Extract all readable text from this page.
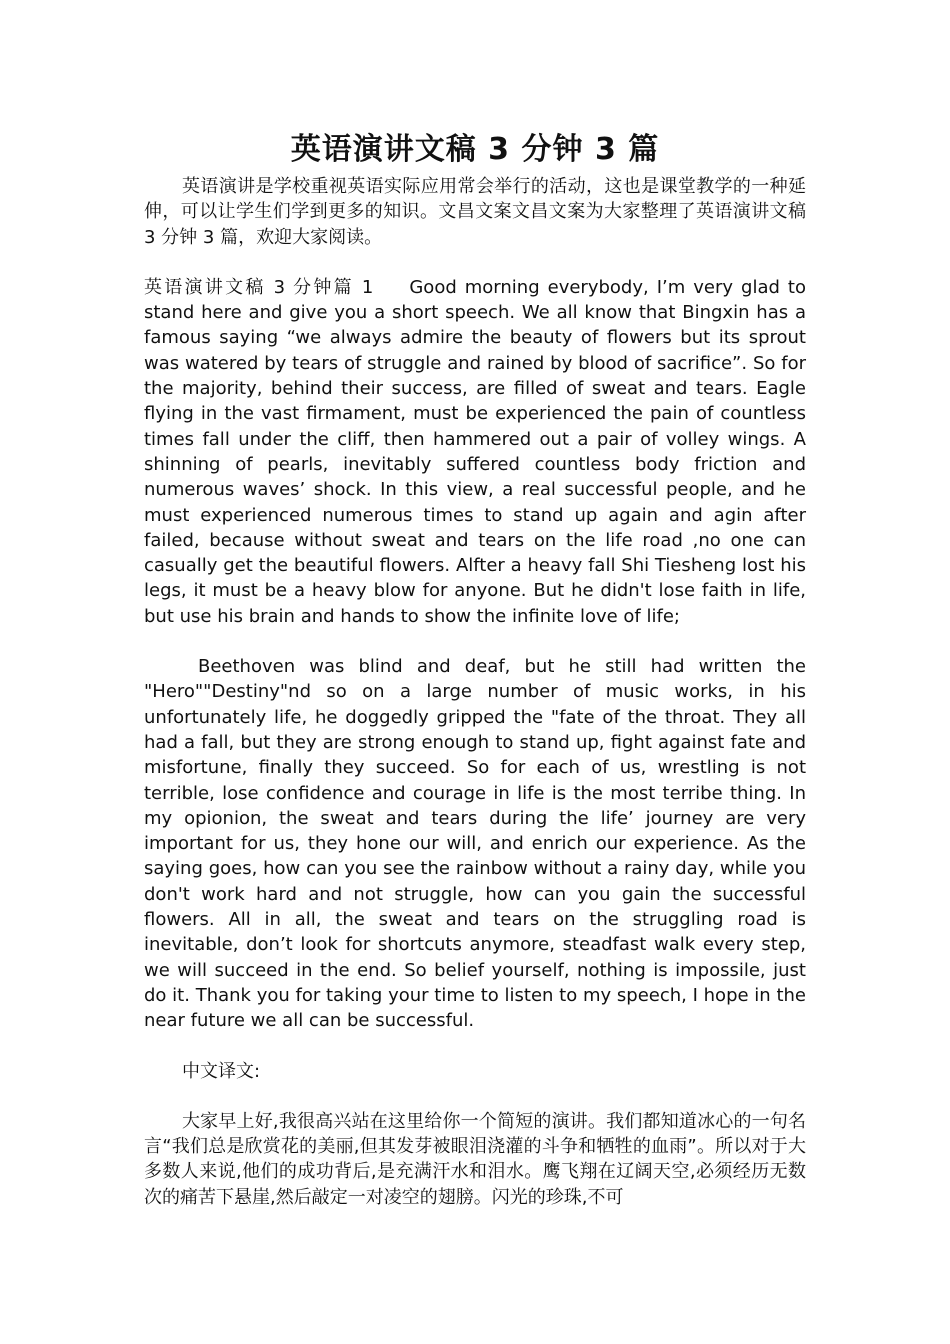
英语演讲文稿 3 分钟 3 篇

英语演讲是学校重视英语实际应用常会举行的活动，这也是课堂教学的一种延伸，可以让学生们学到更多的知识。文昌文案文昌文案为大家整理了英语演讲文稿 3 分钟 3 篇，欢迎大家阅读。

英语演讲文稿 3 分钟篇 1 Good morning everybody, I’m very glad to stand here and give you a short speech. We all know that Bingxin has a famous saying “we always admire the beauty of flowers but its sprout was watered by tears of struggle and rained by blood of sacrifice”. So for the majority, behind their success, are filled of sweat and tears. Eagle flying in the vast firmament, must be experienced the pain of countless times fall under the cliff, then hammered out a pair of volley wings. A shinning of pearls, inevitably suffered countless body friction and numerous waves’ shock. In this view, a real successful people, and he must experienced numerous times to stand up again and agin after failed, because without sweat and tears on the life road ,no one can casually get the beautiful flowers. Alfter a heavy fall Shi Tiesheng lost his legs, it must be a heavy blow for anyone. But he didn't lose faith in life, but use his brain and hands to show the infinite love of life;

Beethoven was blind and deaf, but he still had written the "Hero""Destiny"nd so on a large number of music works, in his unfortunately life, he doggedly gripped the "fate of the throat. They all had a fall, but they are strong enough to stand up, fight against fate and misfortune, finally they succeed. So for each of us, wrestling is not terrible, lose confidence and courage in life is the most terribe thing. In my opionion, the sweat and tears during the life’ journey are very important for us, they hone our will, and enrich our experience. As the saying goes, how can you see the rainbow without a rainy day, while you don't work hard and not struggle, how can you gain the successful flowers. All in all, the sweat and tears on the struggling road is inevitable, don’t look for shortcuts anymore, steadfast walk every step, we will succeed in the end. So belief yourself, nothing is impossile, just do it. Thank you for taking your time to listen to my speech, I hope in the near future we all can be successful.

中文译文:

大家早上好,我很高兴站在这里给你一个简短的演讲。我们都知道冰心的一句名言“我们总是欣赏花的美丽,但其发芽被眼泪浇灌的斗争和牺牲的血雨”。所以对于大多数人来说,他们的成功背后,是充满汗水和泪水。鹰飞翔在辽阔天空,必须经历无数次的痛苦下悬崖,然后敲定一对凌空的翅膀。闪光的珍珠,不可
